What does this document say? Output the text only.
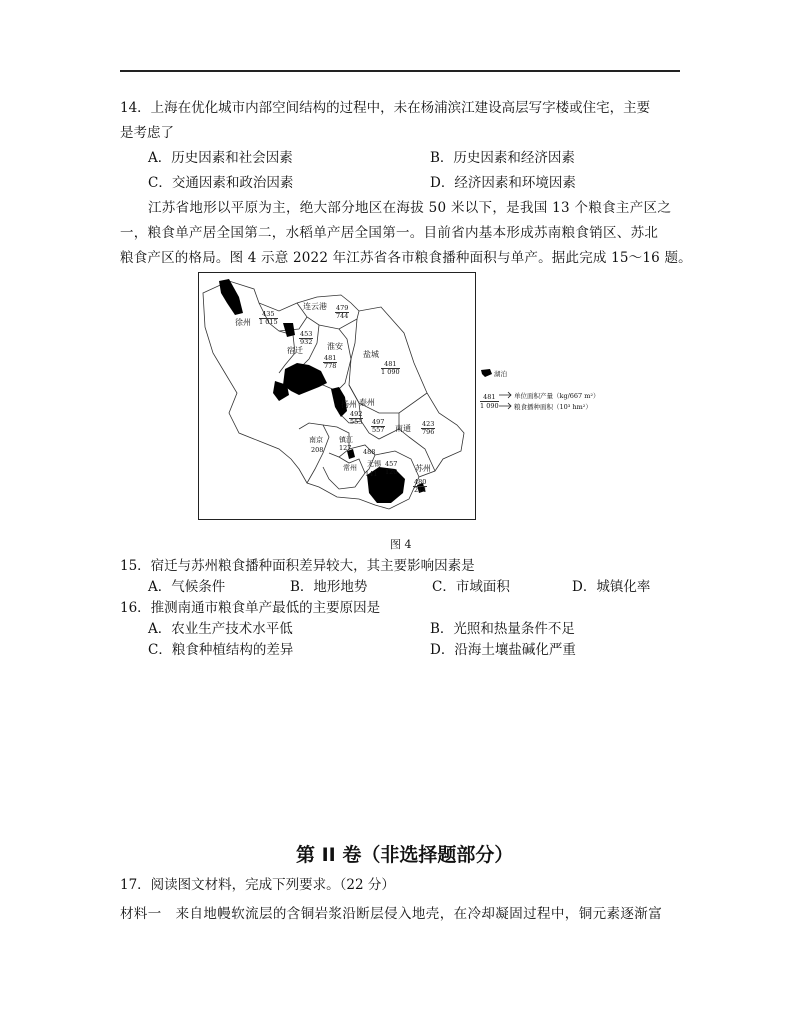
14．上海在优化城市内部空间结构的过程中，未在杨浦滨江建设高层写字楼或住宅，主要
是考虑了
A．历史因素和社会因素	B．历史因素和经济因素
C．交通因素和政治因素	D．经济因素和环境因素
江苏省地形以平原为主，绝大部分地区在海拔 50 米以下，是我国 13 个粮食主产区之
一，粮食单产居全国第二，水稻单产居全国第一。目前省内基本形成苏南粮食销区、苏北
粮食产区的格局。图 4 示意 2022 年江苏省各市粮食播种面积与单产。据此完成 15～16 题。
徐州 $\frac{435}{1 015}$
连云港 $\frac{479}{744}$
$\frac{453}{932}$
宿迁	淮安
$\frac{481}{778}$
盐城
$\frac{481}{1 090}$
扬州 泰州
$\frac{492}{553}$
$\frac{497}{557}$ 南通 $\frac{423}{796}$
南京
208
镇江
127 488
常州 无锡 457
141 120 苏州
$\frac{480}{214}$
湖泊
$\frac{481}{1 090}$ 单位面积产量（kg/667 m²）
粮食播种面积（10³ hm²）
图 4
15．宿迁与苏州粮食播种面积差异较大，其主要影响因素是
A．气候条件	B．地形地势	C．市域面积	D．城镇化率
16．推测南通市粮食单产最低的主要原因是
A．农业生产技术水平低	B．光照和热量条件不足
C．粮食种植结构的差异	D．沿海土壤盐碱化严重
第 II 卷（非选择题部分）
17．阅读图文材料，完成下列要求。（22 分）
材料一　来自地幔软流层的含铜岩浆沿断层侵入地壳，在冷却凝固过程中，铜元素逐渐富
